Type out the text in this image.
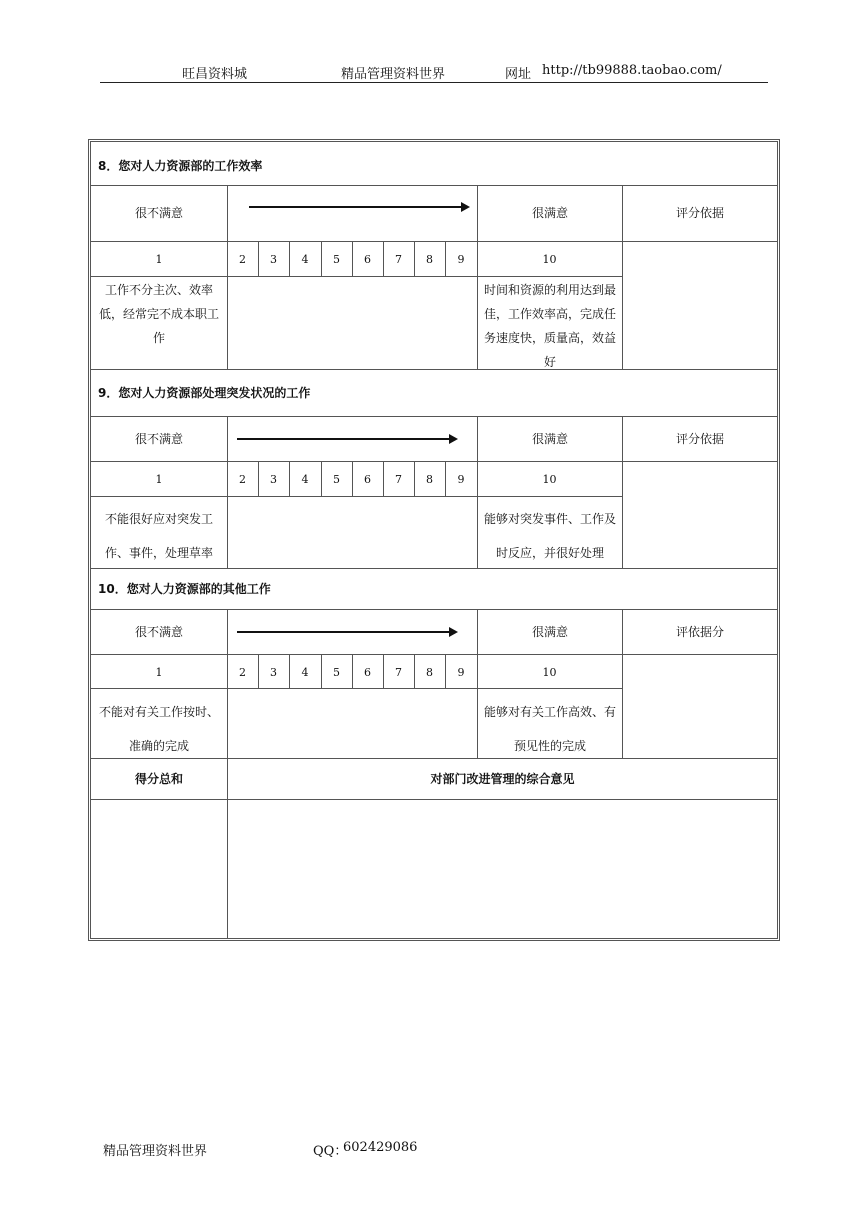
旺昌资料城	精品管理资料世界	网址 http://tb99888.taobao.com/
8．您对人力资源部的工作效率
很不满意	很满意	评分依据
1	2	3	4	5	6	7	8	9	10
工作不分主次、效率低，经常完不成本职工作
时间和资源的利用达到最佳，工作效率高，完成任务速度快，质量高，效益好
9．您对人力资源部处理突发状况的工作
很不满意	很满意	评分依据
1	2	3	4	5	6	7	8	9	10
不能很好应对突发工作、事件，处理草率
能够对突发事件、工作及时反应，并很好处理
10．您对人力资源部的其他工作
很不满意	很满意	评依据分
1	2	3	4	5	6	7	8	9	10
不能对有关工作按时、准确的完成
能够对有关工作高效、有预见性的完成
得分总和	对部门改进管理的综合意见
精品管理资料世界	QQ：
602429086
